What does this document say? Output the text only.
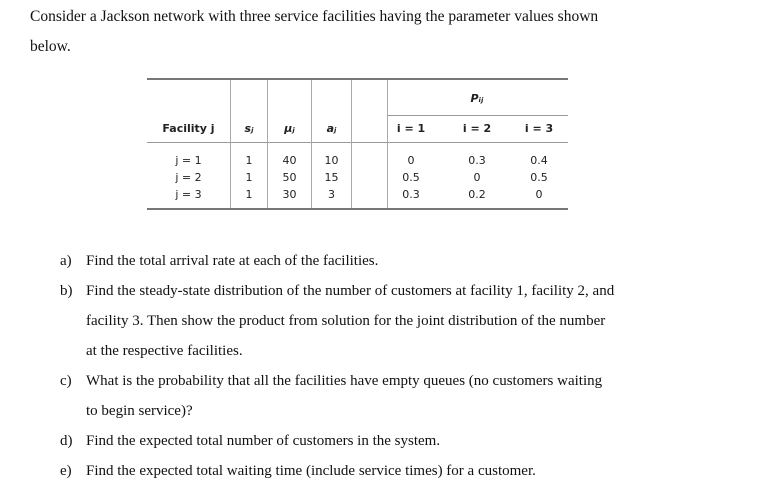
Consider a Jackson network with three service facilities having the parameter values shown
below.
Pᵢⱼ
Facility j	sⱼ	μⱼ	aⱼ	i = 1	i = 2	i = 3
j = 1	1	40	10	0	0.3	0.4
j = 2	1	50	15	0.5	0	0.5
j = 3	1	30	3	0.3	0.2	0
a) Find the total arrival rate at each of the facilities.
b) Find the steady-state distribution of the number of customers at facility 1, facility 2, and
facility 3. Then show the product from solution for the joint distribution of the number
at the respective facilities.
c) What is the probability that all the facilities have empty queues (no customers waiting
to begin service)?
d) Find the expected total number of customers in the system.
e) Find the expected total waiting time (include service times) for a customer.
